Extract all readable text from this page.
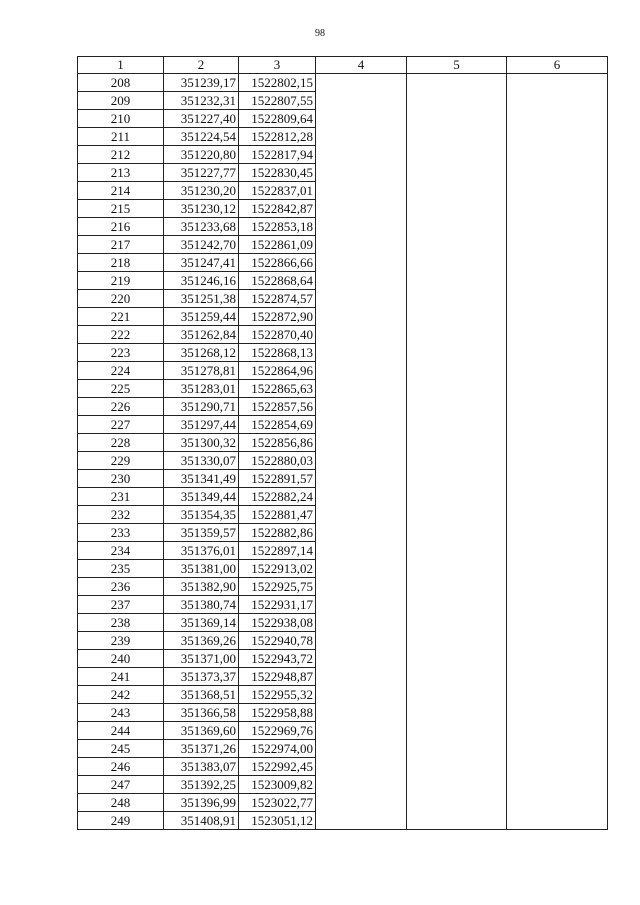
98
1	2	3	4	5	6
208	351239,17	1522802,15			
209	351232,31	1522807,55			
210	351227,40	1522809,64			
211	351224,54	1522812,28			
212	351220,80	1522817,94			
213	351227,77	1522830,45			
214	351230,20	1522837,01			
215	351230,12	1522842,87			
216	351233,68	1522853,18			
217	351242,70	1522861,09			
218	351247,41	1522866,66			
219	351246,16	1522868,64			
220	351251,38	1522874,57			
221	351259,44	1522872,90			
222	351262,84	1522870,40			
223	351268,12	1522868,13			
224	351278,81	1522864,96			
225	351283,01	1522865,63			
226	351290,71	1522857,56			
227	351297,44	1522854,69			
228	351300,32	1522856,86			
229	351330,07	1522880,03			
230	351341,49	1522891,57			
231	351349,44	1522882,24			
232	351354,35	1522881,47			
233	351359,57	1522882,86			
234	351376,01	1522897,14			
235	351381,00	1522913,02			
236	351382,90	1522925,75			
237	351380,74	1522931,17			
238	351369,14	1522938,08			
239	351369,26	1522940,78			
240	351371,00	1522943,72			
241	351373,37	1522948,87			
242	351368,51	1522955,32			
243	351366,58	1522958,88			
244	351369,60	1522969,76			
245	351371,26	1522974,00			
246	351383,07	1522992,45			
247	351392,25	1523009,82			
248	351396,99	1523022,77			
249	351408,91	1523051,12			
